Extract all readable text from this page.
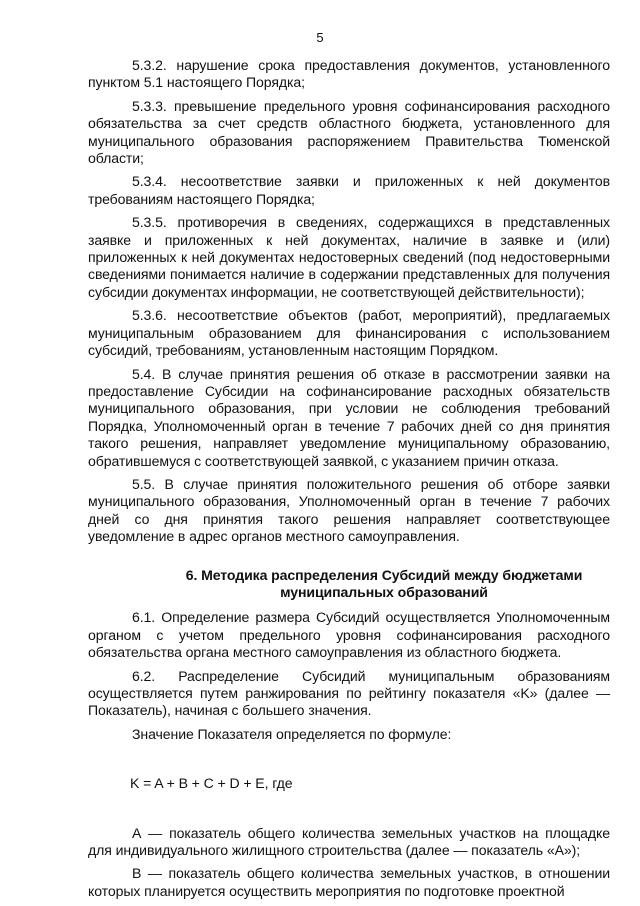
5

5.3.2. нарушение срока предоставления документов, установленного пунктом 5.1 настоящего Порядка;

5.3.3. превышение предельного уровня софинансирования расходного обязательства за счет средств областного бюджета, установленного для муниципального образования распоряжением Правительства Тюменской области;

5.3.4. несоответствие заявки и приложенных к ней документов требованиям настоящего Порядка;

5.3.5. противоречия в сведениях, содержащихся в представленных заявке и приложенных к ней документах, наличие в заявке и (или) приложенных к ней документах недостоверных сведений (под недостоверными сведениями понимается наличие в содержании представленных для получения субсидии документах информации, не соответствующей действительности);

5.3.6. несоответствие объектов (работ, мероприятий), предлагаемых муниципальным образованием для финансирования с использованием субсидий, требованиям, установленным настоящим Порядком.

5.4. В случае принятия решения об отказе в рассмотрении заявки на предоставление Субсидии на софинансирование расходных обязательств муниципального образования, при условии не соблюдения требований Порядка, Уполномоченный орган в течение 7 рабочих дней со дня принятия такого решения, направляет уведомление муниципальному образованию, обратившемуся с соответствующей заявкой, с указанием причин отказа.

5.5. В случае принятия положительного решения об отборе заявки муниципального образования, Уполномоченный орган в течение 7 рабочих дней со дня принятия такого решения направляет соответствующее уведомление в адрес органов местного самоуправления.

6. Методика распределения Субсидий между бюджетами
муниципальных образований

6.1. Определение размера Субсидий осуществляется Уполномоченным органом с учетом предельного уровня софинансирования расходного обязательства органа местного самоуправления из областного бюджета.

6.2. Распределение Субсидий муниципальным образованиям осуществляется путем ранжирования по рейтингу показателя «K» (далее — Показатель), начиная с большего значения.

Значение Показателя определяется по формуле:

K = A + B + C + D + E, где

А — показатель общего количества земельных участков на площадке для индивидуального жилищного строительства (далее — показатель «А»);

В — показатель общего количества земельных участков, в отношении которых планируется осуществить мероприятия по подготовке проектной
